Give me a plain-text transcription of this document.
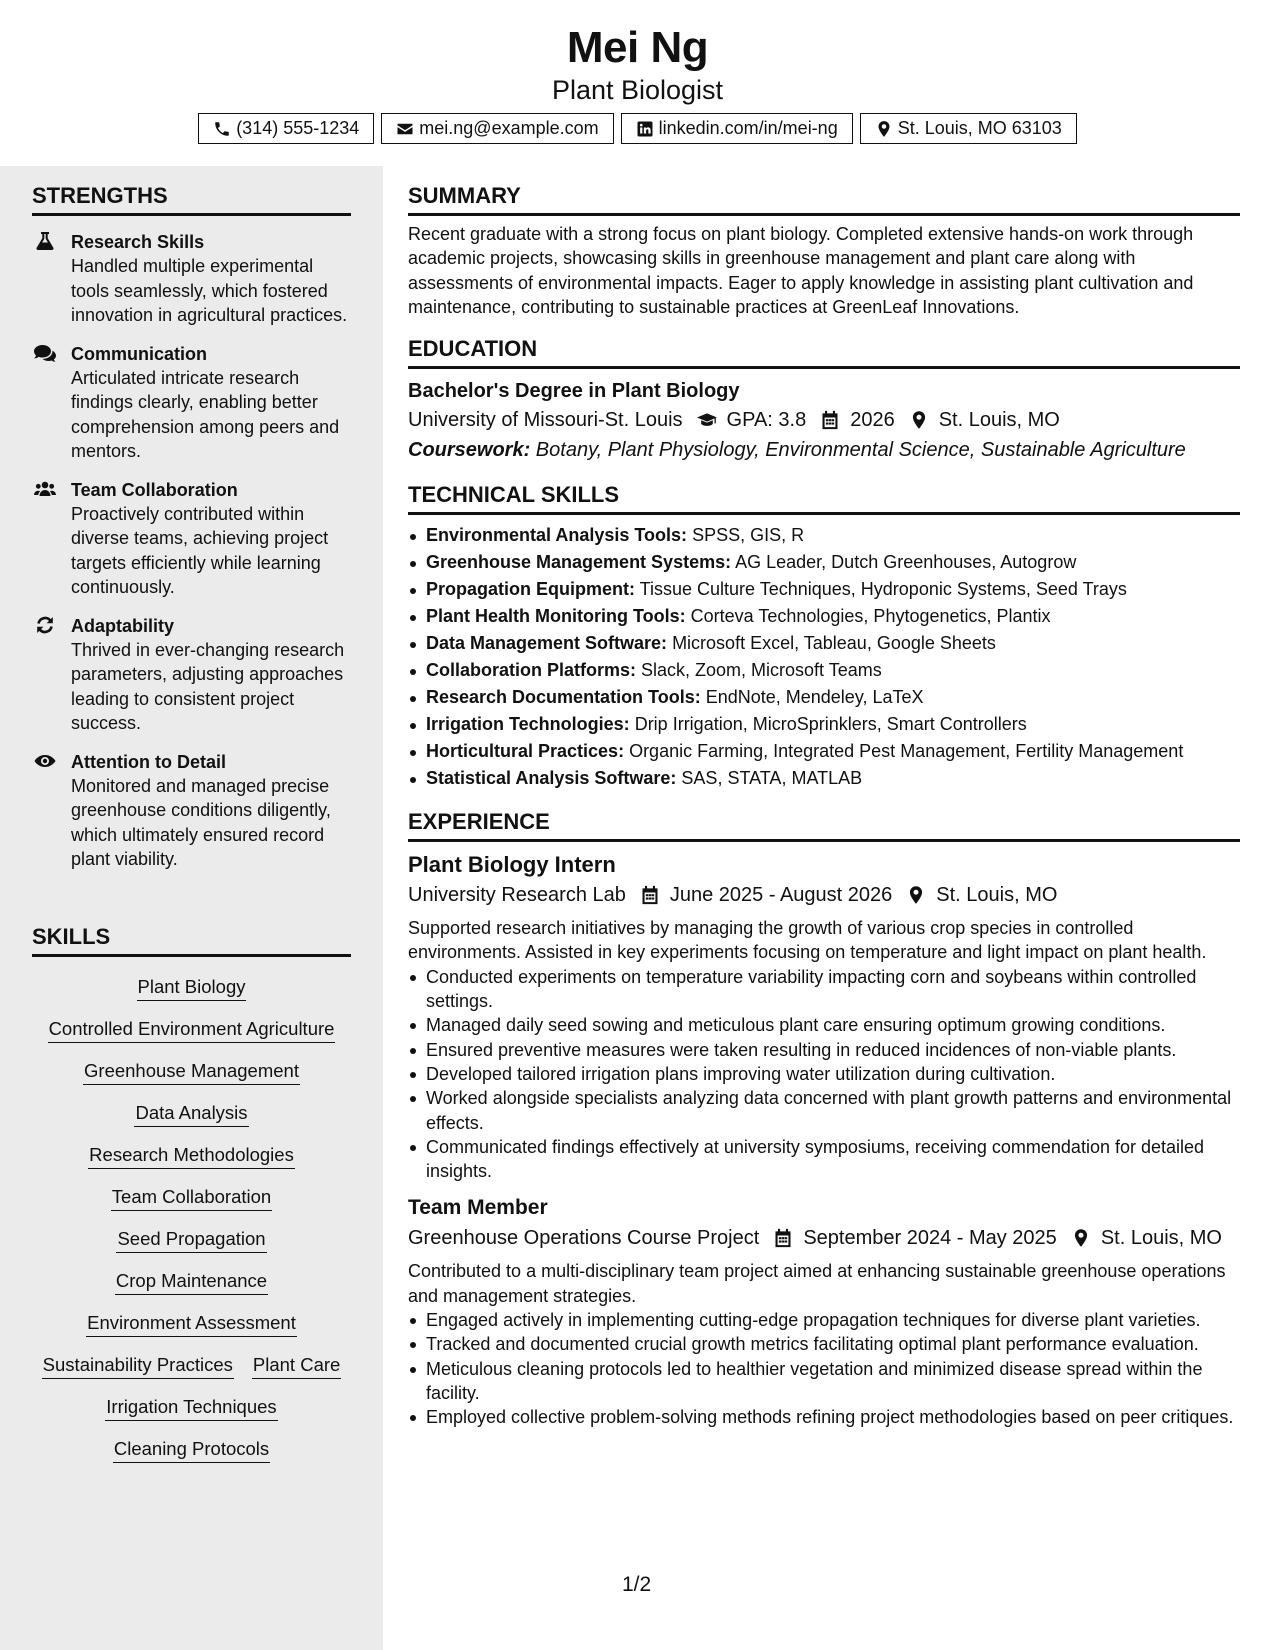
Mei Ng
Plant Biologist
(314) 555-1234	mei.ng@example.com	linkedin.com/in/mei-ng	St. Louis, MO 63103
STRENGTHS
Research Skills
Handled multiple experimental tools seamlessly, which fostered innovation in agricultural practices.
Communication
Articulated intricate research findings clearly, enabling better comprehension among peers and mentors.
Team Collaboration
Proactively contributed within diverse teams, achieving project targets efficiently while learning continuously.
Adaptability
Thrived in ever-changing research parameters, adjusting approaches leading to consistent project success.
Attention to Detail
Monitored and managed precise greenhouse conditions diligently, which ultimately ensured record plant viability.
SKILLS
Plant Biology
Controlled Environment Agriculture
Greenhouse Management
Data Analysis
Research Methodologies
Team Collaboration
Seed Propagation
Crop Maintenance
Environment Assessment
Sustainability Practices Plant Care
Irrigation Techniques
Cleaning Protocols
SUMMARY
Recent graduate with a strong focus on plant biology. Completed extensive hands-on work through academic projects, showcasing skills in greenhouse management and plant care along with assessments of environmental impacts. Eager to apply knowledge in assisting plant cultivation and maintenance, contributing to sustainable practices at GreenLeaf Innovations.
EDUCATION
Bachelor's Degree in Plant Biology
University of Missouri-St. Louis GPA: 3.8 2026 St. Louis, MO
Coursework: Botany, Plant Physiology, Environmental Science, Sustainable Agriculture
TECHNICAL SKILLS
Environmental Analysis Tools: SPSS, GIS, R
Greenhouse Management Systems: AG Leader, Dutch Greenhouses, Autogrow
Propagation Equipment: Tissue Culture Techniques, Hydroponic Systems, Seed Trays
Plant Health Monitoring Tools: Corteva Technologies, Phytogenetics, Plantix
Data Management Software: Microsoft Excel, Tableau, Google Sheets
Collaboration Platforms: Slack, Zoom, Microsoft Teams
Research Documentation Tools: EndNote, Mendeley, LaTeX
Irrigation Technologies: Drip Irrigation, MicroSprinklers, Smart Controllers
Horticultural Practices: Organic Farming, Integrated Pest Management, Fertility Management
Statistical Analysis Software: SAS, STATA, MATLAB
EXPERIENCE
Plant Biology Intern
University Research Lab June 2025 - August 2026 St. Louis, MO
Supported research initiatives by managing the growth of various crop species in controlled environments. Assisted in key experiments focusing on temperature and light impact on plant health.
Conducted experiments on temperature variability impacting corn and soybeans within controlled settings.
Managed daily seed sowing and meticulous plant care ensuring optimum growing conditions.
Ensured preventive measures were taken resulting in reduced incidences of non-viable plants.
Developed tailored irrigation plans improving water utilization during cultivation.
Worked alongside specialists analyzing data concerned with plant growth patterns and environmental effects.
Communicated findings effectively at university symposiums, receiving commendation for detailed insights.
Team Member
Greenhouse Operations Course Project September 2024 - May 2025 St. Louis, MO
Contributed to a multi-disciplinary team project aimed at enhancing sustainable greenhouse operations and management strategies.
Engaged actively in implementing cutting-edge propagation techniques for diverse plant varieties.
Tracked and documented crucial growth metrics facilitating optimal plant performance evaluation.
Meticulous cleaning protocols led to healthier vegetation and minimized disease spread within the facility.
Employed collective problem-solving methods refining project methodologies based on peer critiques.
1/2
